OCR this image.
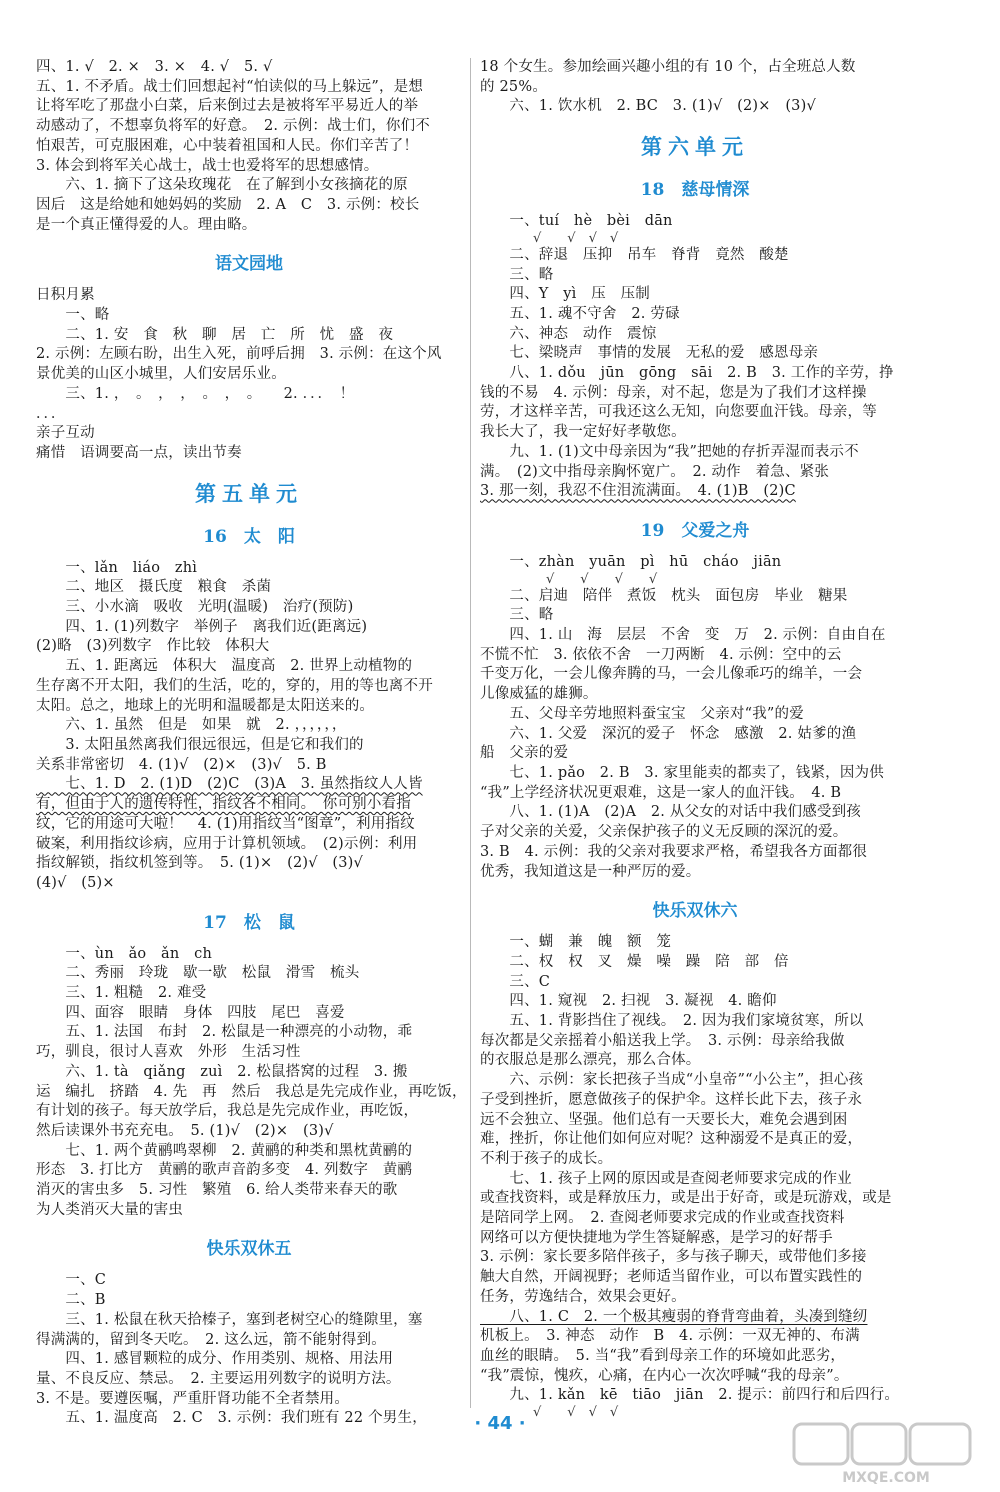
四、1. √　2. ×　3. ×　4. √　5. √
五、1. 不矛盾。战士们回想起衬“怕读似的马上躲远”，是想
让将军吃了那盘小白菜，后来倒过去是被将军平易近人的举
动感动了，不想辜负将军的好意。　2. 示例：战士们，你们不
怕艰苦，可克服困难，心中装着祖国和人民。你们辛苦了！
3. 体会到将军关心战士，战士也爱将军的思想感情。
　　六、1. 摘下了这朵玫瑰花　在了解到小女孩摘花的原
因后　这是给她和她妈妈的奖励　2. A　C　3. 示例：校长
是一个真正懂得爱的人。理由略。
语文园地
日积月累
　　一、略
　　二、1. 安　食　秋　聊　居　亡　所　忧　盛　夜
2. 示例：左顾右盼，出生入死，前呼后拥　3. 示例：在这个风
景优美的山区小城里，人们安居乐业。
　　三、1. ，　。　，　，　。　，　。　　2. ．．．　！
．．．
亲子互动
痛惜　语调要高一点，读出节奏
第五单元
16　太　阳
　　一、lǎn　liáo　zhì
　　二、地区　摄氏度　粮食　杀菌
　　三、小水滴　吸收　光明(温暖)　治疗(预防)
　　四、1. (1)列数字　举例子　离我们近(距离远)
(2)略　(3)列数字　作比较　体积大
　　五、1. 距离远　体积大　温度高　2. 世界上动植物的
生存离不开太阳，我们的生活，吃的，穿的，用的等也离不开
太阳。总之，地球上的光明和温暖都是太阳送来的。
　　六、1. 虽然　但是　如果　就　2. ，，，，，，
　　3. 太阳虽然离我们很远很远，但是它和我们的
关系非常密切　4. (1)√　(2)×　(3)√　5. B
　　七、1. D　2. (1)D　(2)C　(3)A　3. 虽然指纹人人皆
有，但由于人的遗传特性，指纹各不相同。　你可别小看指
纹，它的用途可大啦！　4. (1)用指纹当“图章”，利用指纹
破案，利用指纹诊病，应用于计算机领域。　(2)示例：利用
指纹解锁，指纹机签到等。　5. (1)×　(2)√　(3)√
(4)√　(5)×
17　松　鼠
　　一、ùn　ǎo　ǎn　ch
　　二、秀丽　玲珑　歇一歇　松鼠　滑雪　梳头
　　三、1. 粗糙　2. 难受
　　四、面容　眼睛　身体　四肢　尾巴　喜爱
　　五、1. 法国　布封　2. 松鼠是一种漂亮的小动物，乖
巧，驯良，很讨人喜欢　外形　生活习性
　　六、1. tà　qiǎng　zuì　2. 松鼠搭窝的过程　3. 搬
运　编扎　挤踏　4. 先　再　然后　我总是先完成作业，再吃饭，
有计划的孩子。每天放学后，我总是先完成作业，再吃饭，
然后读课外书充充电。　5. (1)√　(2)×　(3)√
　　七、1. 两个黄鹂鸣翠柳　2. 黄鹂的种类和黑枕黄鹂的
形态　3. 打比方　黄鹂的歌声音韵多变　4. 列数字　黄鹂
消灭的害虫多　5. 习性　繁殖　6. 给人类带来春天的歌
为人类消灭大量的害虫
快乐双休五
　　一、C
　　二、B
　　三、1. 松鼠在秋天拾榛子，塞到老树空心的缝隙里，塞
得满满的，留到冬天吃。　2. 这么远，箭不能射得到。
　　四、1. 感冒颗粒的成分、作用类别、规格、用法用
量、不良反应、禁忌。　2. 主要运用列数字的说明方法。
3. 不是。要遵医嘱，严重肝肾功能不全者禁用。
　　五、1. 温度高　2. C　3. 示例：我们班有 22 个男生，
18 个女生。参加绘画兴趣小组的有 10 个，占全班总人数
的 25%。
　　六、1. 饮水机　2. BC　3. (1)√　(2)×　(3)√
第六单元
18　慈母情深
　　一、tuí　hè　bèi　dān
　√　　√　√　√
　　二、辞退　压抑　吊车　脊背　竟然　酸楚
　　三、略
　　四、Y　yì　压　压制
　　五、1. 魂不守舍　2. 劳碌
　　六、神态　动作　震惊
　　七、梁晓声　事情的发展　无私的爱　感恩母亲
　　八、1. dǒu　jūn　gōng　sāi　2. B　3. 工作的辛劳，挣
钱的不易　4. 示例：母亲，对不起，您是为了我们才这样操
劳，才这样辛苦，可我还这么无知，向您要血汗钱。母亲，等
我长大了，我一定好好孝敬您。
　　九、1. (1)文中母亲因为“我”把她的存折弄湿而表示不
满。　(2)文中指母亲胸怀宽广。　2. 动作　着急、紧张
3. 那一刻，我忍不住泪流满面。　4. (1)B　(2)C
19　父爱之舟
　　一、zhàn　yuān　pì　hū　cháo　jiān
　　√　　√　　√　　√
　　二、启迪　陪伴　煮饭　枕头　面包房　毕业　糖果
　　三、略
　　四、1. 山　海　层层　不舍　变　万　2. 示例：自由自在
不慌不忙　3. 依依不舍　一刀两断　4. 示例：空中的云
千变万化，一会儿像奔腾的马，一会儿像乖巧的绵羊，一会
儿像威猛的雄狮。
　　五、父母辛劳地照料蚕宝宝　父亲对“我”的爱
　　六、1. 父爱　深沉的爱子　怀念　感激　2. 姑爹的渔
船　父亲的爱
　　七、1. pǎo　2. B　3. 家里能卖的都卖了，钱紧，因为供
“我”上学经济状况更艰难，这是一家人的血汗钱。　4. B
　　八、1. (1)A　(2)A　2. 从父女的对话中我们感受到孩
子对父亲的关爱，父亲保护孩子的义无反顾的深沉的爱。
3. B　4. 示例：我的父亲对我要求严格，希望我各方面都很
优秀，我知道这是一种严厉的爱。
快乐双休六
　　一、蝴　兼　魄　额　笼
　　二、权　权　叉　燥　噪　躁　陪　部　倍
　　三、C
　　四、1. 窥视　2. 扫视　3. 凝视　4. 瞻仰
　　五、1. 背影挡住了视线。　2. 因为我们家境贫寒，所以
每次都是父亲摇着小船送我上学。　3. 示例：母亲给我做
的衣服总是那么漂亮，那么合体。
　　六、示例：家长把孩子当成“小皇帝”“小公主”，担心孩
子受到挫折，愿意做孩子的保护伞。这样长此下去，孩子永
远不会独立、坚强。他们总有一天要长大，难免会遇到困
难，挫折，你让他们如何应对呢？这种溺爱不是真正的爱，
不利于孩子的成长。
　　七、1. 孩子上网的原因或是查阅老师要求完成的作业
或查找资料，或是释放压力，或是出于好奇，或是玩游戏，或是
是陪同学上网。　2. 查阅老师要求完成的作业或查找资料
网络可以方便快捷地为学生答疑解惑，是学习的好帮手
3. 示例：家长要多陪伴孩子，多与孩子聊天，或带他们多接
触大自然，开阔视野；老师适当留作业，可以布置实践性的
任务，劳逸结合，效果会更好。
　　八、1. C　2. 一个极其瘦弱的脊背弯曲着，头凑到缝纫
机板上。　3. 神态　动作　B　4. 示例：一双无神的、布满
血丝的眼睛。　5. 当“我”看到母亲工作的环境如此恶劣，
“我”震惊，愧疚，心痛，在内心一次次呼喊“我的母亲”。
　　九、1. kǎn　kē　tiāo　jiān　2. 提示：前四行和后四行。
　√　　√　√　√
· 44 ·
MXQE.COM
